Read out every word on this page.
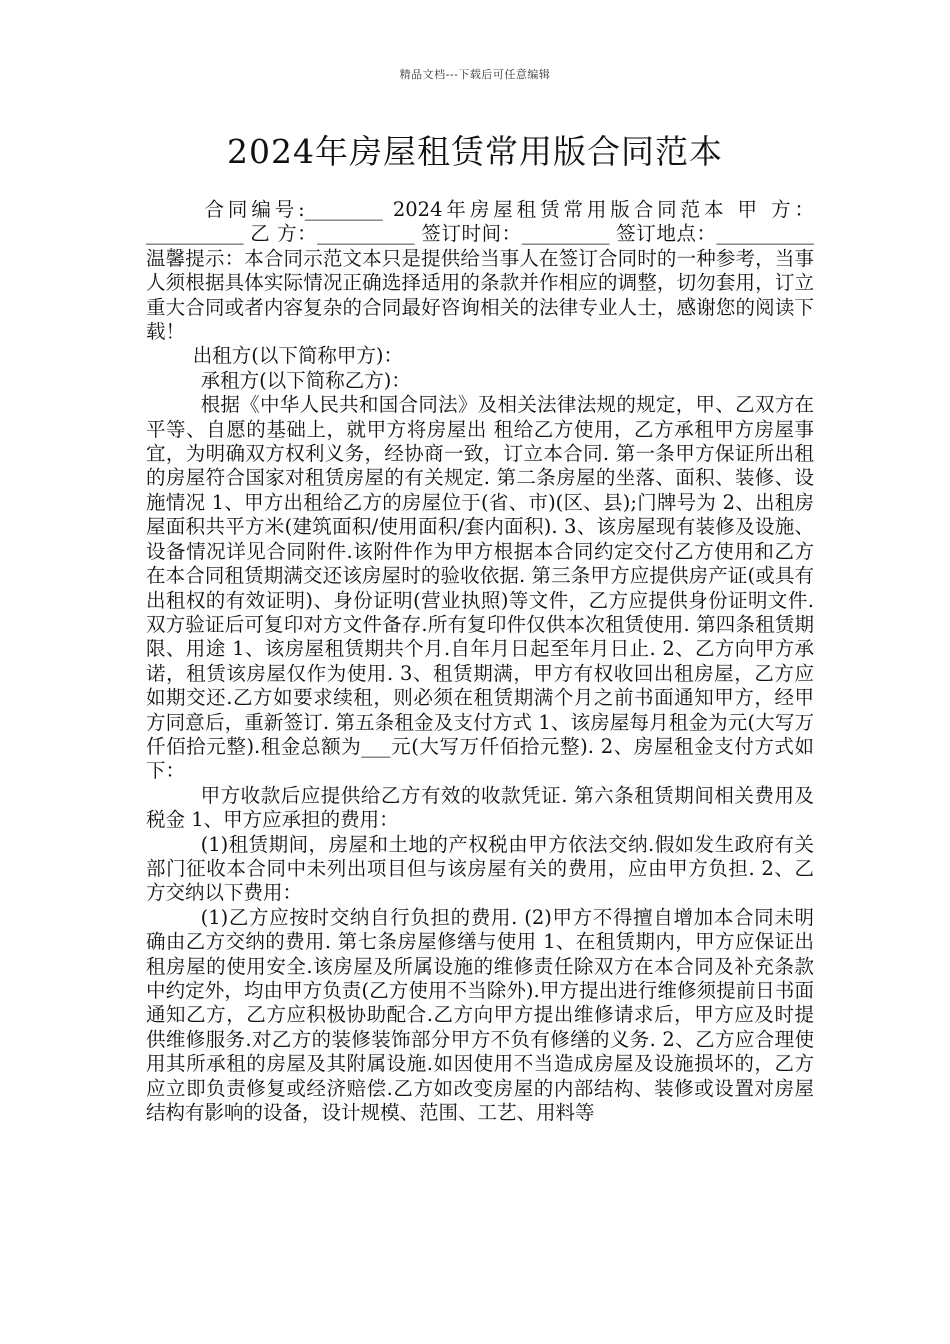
精品文档---下载后可任意编辑
2024年房屋租赁常用版合同范本

合同编号:________ 2024年房屋租赁常用版合同范本 甲 方：__________ 乙 方：__________ 签订时间：_________ 签订地点：__________ 温馨提示：本合同示范文本只是提供给当事人在签订合同时的一种参考，当事人须根据具体实际情况正确选择适用的条款并作相应的调整，切勿套用，订立重大合同或者内容复杂的合同最好咨询相关的法律专业人士，感谢您的阅读下载！

出租方(以下简称甲方)：

承租方(以下简称乙方)：

根据《中华人民共和国合同法》及相关法律法规的规定，甲、乙双方在平等、自愿的基础上，就甲方将房屋出 租给乙方使用，乙方承租甲方房屋事宜，为明确双方权利义务，经协商一致，订立本合同. 第一条甲方保证所出租的房屋符合国家对租赁房屋的有关规定. 第二条房屋的坐落、面积、装修、设施情况 1、甲方出租给乙方的房屋位于(省、市)(区、县);门牌号为 2、出租房屋面积共平方米(建筑面积/使用面积/套内面积). 3、该房屋现有装修及设施、设备情况详见合同附件.该附件作为甲方根据本合同约定交付乙方使用和乙方在本合同租赁期满交还该房屋时的验收依据. 第三条甲方应提供房产证(或具有出租权的有效证明)、身份证明(营业执照)等文件，乙方应提供身份证明文件.双方验证后可复印对方文件备存.所有复印件仅供本次租赁使用. 第四条租赁期限、用途 1、该房屋租赁期共个月.自年月日起至年月日止. 2、乙方向甲方承诺，租赁该房屋仅作为使用. 3、租赁期满，甲方有权收回出租房屋，乙方应如期交还.乙方如要求续租，则必须在租赁期满个月之前书面通知甲方，经甲方同意后，重新签订. 第五条租金及支付方式 1、该房屋每月租金为元(大写万仟佰拾元整).租金总额为___元(大写万仟佰拾元整). 2、房屋租金支付方式如下：

甲方收款后应提供给乙方有效的收款凭证. 第六条租赁期间相关费用及税金 1、甲方应承担的费用：

(1)租赁期间，房屋和土地的产权税由甲方依法交纳.假如发生政府有关部门征收本合同中未列出项目但与该房屋有关的费用，应由甲方负担. 2、乙方交纳以下费用：

(1)乙方应按时交纳自行负担的费用. (2)甲方不得擅自增加本合同未明确由乙方交纳的费用. 第七条房屋修缮与使用 1、在租赁期内，甲方应保证出租房屋的使用安全.该房屋及所属设施的维修责任除双方在本合同及补充条款中约定外，均由甲方负责(乙方使用不当除外).甲方提出进行维修须提前日书面通知乙方，乙方应积极协助配合.乙方向甲方提出维修请求后，甲方应及时提供维修服务.对乙方的装修装饰部分甲方不负有修缮的义务. 2、乙方应合理使用其所承租的房屋及其附属设施.如因使用不当造成房屋及设施损坏的，乙方应立即负责修复或经济赔偿.乙方如改变房屋的内部结构、装修或设置对房屋结构有影响的设备，设计规模、范围、工艺、用料等
